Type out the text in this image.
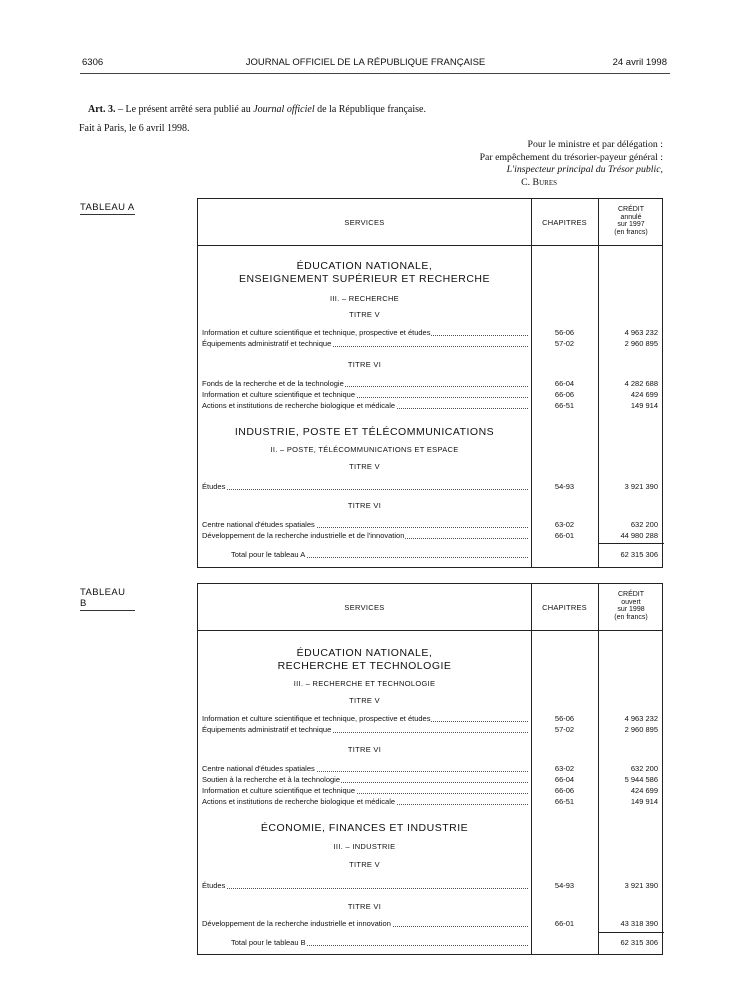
6306	JOURNAL OFFICIEL DE LA RÉPUBLIQUE FRANÇAISE	24 avril 1998
Art. 3. – Le présent arrêté sera publié au Journal officiel de la République française.
Fait à Paris, le 6 avril 1998.
Pour le ministre et par délégation :
Par empêchement du trésorier-payeur général :
L'inspecteur principal du Trésor public,
C. Bures
TABLEAU A
SERVICES	CHAPITRES
CRÉDIT
annulé
sur 1997
(en francs)
ÉDUCATION NATIONALE,
ENSEIGNEMENT SUPÉRIEUR ET RECHERCHE
III. – RECHERCHE
TITRE V
Information et culture scientifique et technique, prospective et études	56-06	4 963 232
Équipements administratif et technique	57-02	2 960 895
TITRE VI
Fonds de la recherche et de la technologie	66-04	4 282 688
Information et culture scientifique et technique	66-06	424 699
Actions et institutions de recherche biologique et médicale	66-51	149 914
INDUSTRIE, POSTE ET TÉLÉCOMMUNICATIONS
II. – POSTE, TÉLÉCOMMUNICATIONS ET ESPACE
TITRE V
Études	54-93	3 921 390
TITRE VI
Centre national d'études spatiales	63-02	632 200
Développement de la recherche industrielle et de l'innovation	66-01	44 980 288
Total pour le tableau A	62 315 306
TABLEAU B	SERVICES	CHAPITRES
CRÉDIT
ouvert
sur 1998
(en francs)
ÉDUCATION NATIONALE,
RECHERCHE ET TECHNOLOGIE
III. – RECHERCHE ET TECHNOLOGIE
TITRE V
Information et culture scientifique et technique, prospective et études	56-06	4 963 232
Équipements administratif et technique	57-02	2 960 895
TITRE VI
Centre national d'études spatiales	63-02	632 200
Soutien à la recherche et à la technologie	66-04	5 944 586
Information et culture scientifique et technique	66-06	424 699
Actions et institutions de recherche biologique et médicale	66-51	149 914
ÉCONOMIE, FINANCES ET INDUSTRIE
III. – INDUSTRIE
TITRE V
Études	54-93	3 921 390
TITRE VI
Développement de la recherche industrielle et innovation	66-01	43 318 390
Total pour le tableau B	62 315 306
